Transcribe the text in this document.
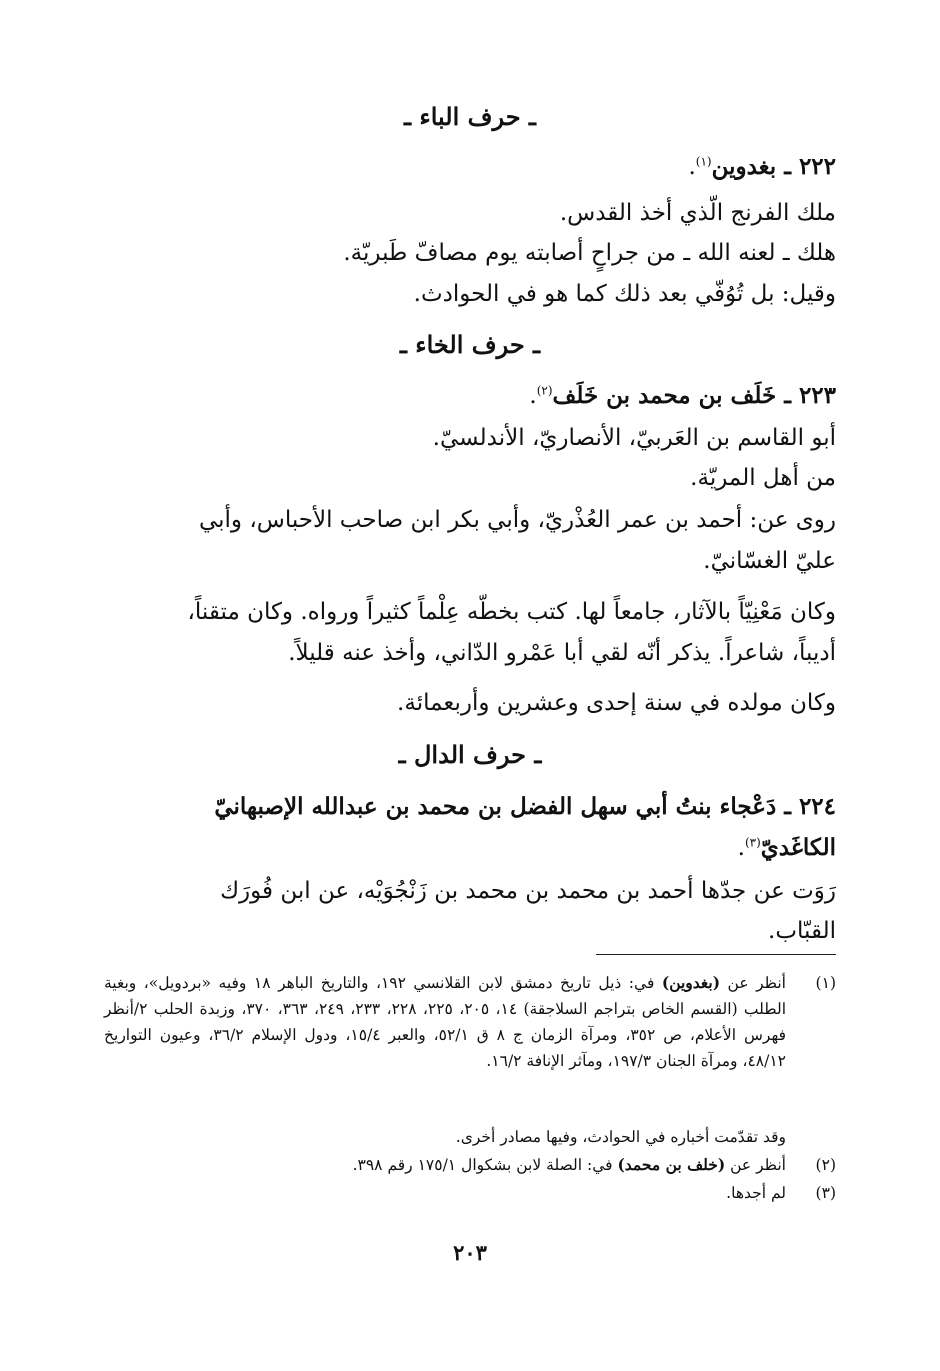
ـ حرف الباء ـ
٢٢٢ ـ بغدوين$^{(١)}$.
ملك الفرنج الّذي أخذ القدس.
هلك ـ لعنه الله ـ من جراحٍ أصابته يوم مصافّ طَبريّة.
وقيل: بل تُوُفّي بعد ذلك كما هو في الحوادث.
ـ حرف الخاء ـ
٢٢٣ ـ خَلَف بن محمد بن خَلَف$^{(٢)}$.
أبو القاسم بن العَربيّ، الأنصاريّ، الأندلسيّ.
من أهل المريّة.
روى عن: أحمد بن عمر العُذْريّ، وأبي بكر ابن صاحب الأحباس، وأبي
عليّ الغسّانيّ.
وكان مَعْنِيّاً بالآثار، جامعاً لها. كتب بخطّه عِلْماً كثيراً ورواه. وكان متقناً،
أديباً، شاعراً. يذكر أنّه لقي أبا عَمْرو الدّاني، وأخذ عنه قليلاً.
وكان مولده في سنة إحدى وعشرين وأربعمائة.
ـ حرف الدال ـ
٢٢٤ ـ دَعْجاء بنتُ أبي سهل الفضل بن محمد بن عبدالله الإصبهانيّ
الكاغَديّ$^{(٣)}$.
رَوَت عن جدّها أحمد بن محمد بن محمد بن زَنْجُوَيْه، عن ابن فُورَك
القبّاب.
(١)
أنظر عن (بغدوين) في: ذيل تاريخ دمشق لابن القلانسي ١٩٢، والتاريخ الباهر ١٨ وفيه «بردويل»، وبغية الطلب (القسم الخاص بتراجم السلاجقة) ١٤، ٢٠٥، ٢٢٥، ٢٢٨، ٢٣٣، ٢٤٩، ٣٦٣، ٣٧٠، وزبدة الحلب ٢/أنظر فهرس الأعلام، ص ٣٥٢، ومرآة الزمان ج ٨ ق ٥٢/١، والعبر ١٥/٤، ودول الإسلام ٣٦/٢، وعيون التواريخ ٤٨/١٢، ومرآة الجنان ١٩٧/٣، ومآثر الإنافة ١٦/٢.
وقد تقدّمت أخباره في الحوادث، وفيها مصادر أخرى.
(٢)
أنظر عن (خلف بن محمد) في: الصلة لابن بشكوال ١٧٥/١ رقم ٣٩٨.
(٣)
لم أجدها.
٢٠٣
